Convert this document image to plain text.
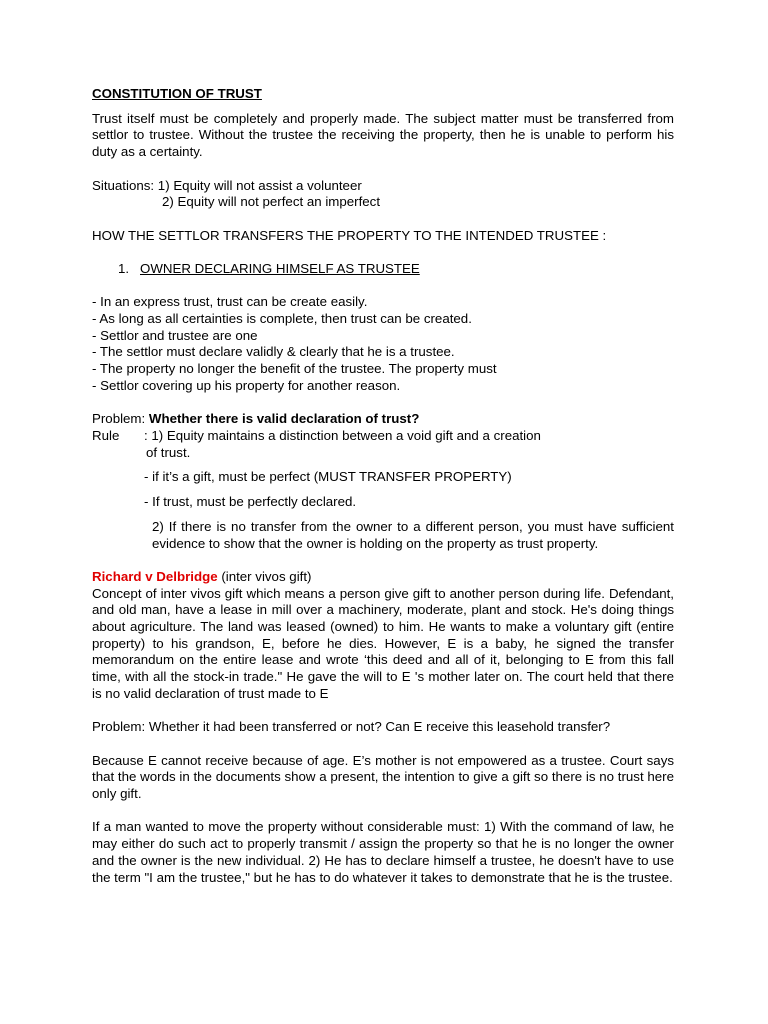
CONSTITUTION OF TRUST

Trust itself must be completely and properly made. The subject matter must be transferred from settlor to trustee. Without the trustee the receiving the property, then he is unable to perform his duty as a certainty.

Situations: 1) Equity will not assist a volunteer

2) Equity will not perfect an imperfect

HOW THE SETTLOR TRANSFERS THE PROPERTY TO THE INTENDED TRUSTEE :

1. OWNER DECLARING HIMSELF AS TRUSTEE

- In an express trust, trust can be create easily.

- As long as all certainties is complete, then trust can be created.

- Settlor and trustee are one

- The settlor must declare validly & clearly that he is a trustee.

- The property no longer the benefit of the trustee. The property must

- Settlor covering up his property for another reason.

Problem: Whether there is valid declaration of trust?

Rule	: 1) Equity maintains a distinction between a void gift and a creation

of trust.

- if it’s a gift, must be perfect (MUST TRANSFER PROPERTY)

- If trust, must be perfectly declared.

2) If there is no transfer from the owner to a different person, you must have sufficient evidence to show that the owner is holding on the property as trust property.

Richard v Delbridge (inter vivos gift)

Concept of inter vivos gift which means a person give gift to another person during life. Defendant, and old man, have a lease in mill over a machinery, moderate, plant and stock. He's doing things about agriculture. The land was leased (owned) to him. He wants to make a voluntary gift (entire property) to his grandson, E, before he dies. However, E is a baby, he signed the transfer memorandum on the entire lease and wrote ‘this deed and all of it, belonging to E from this fall time, with all the stock-in trade." He gave the will to E 's mother later on. The court held that there is no valid declaration of trust made to E

Problem: Whether it had been transferred or not? Can E receive this leasehold transfer?

Because E cannot receive because of age. E’s mother is not empowered as a trustee. Court says that the words in the documents show a present, the intention to give a gift so there is no trust here only gift.

If a man wanted to move the property without considerable must: 1) With the command of law, he may either do such act to properly transmit / assign the property so that he is no longer the owner and the owner is the new individual. 2) He has to declare himself a trustee, he doesn't have to use the term "I am the trustee," but he has to do whatever it takes to demonstrate that he is the trustee.
